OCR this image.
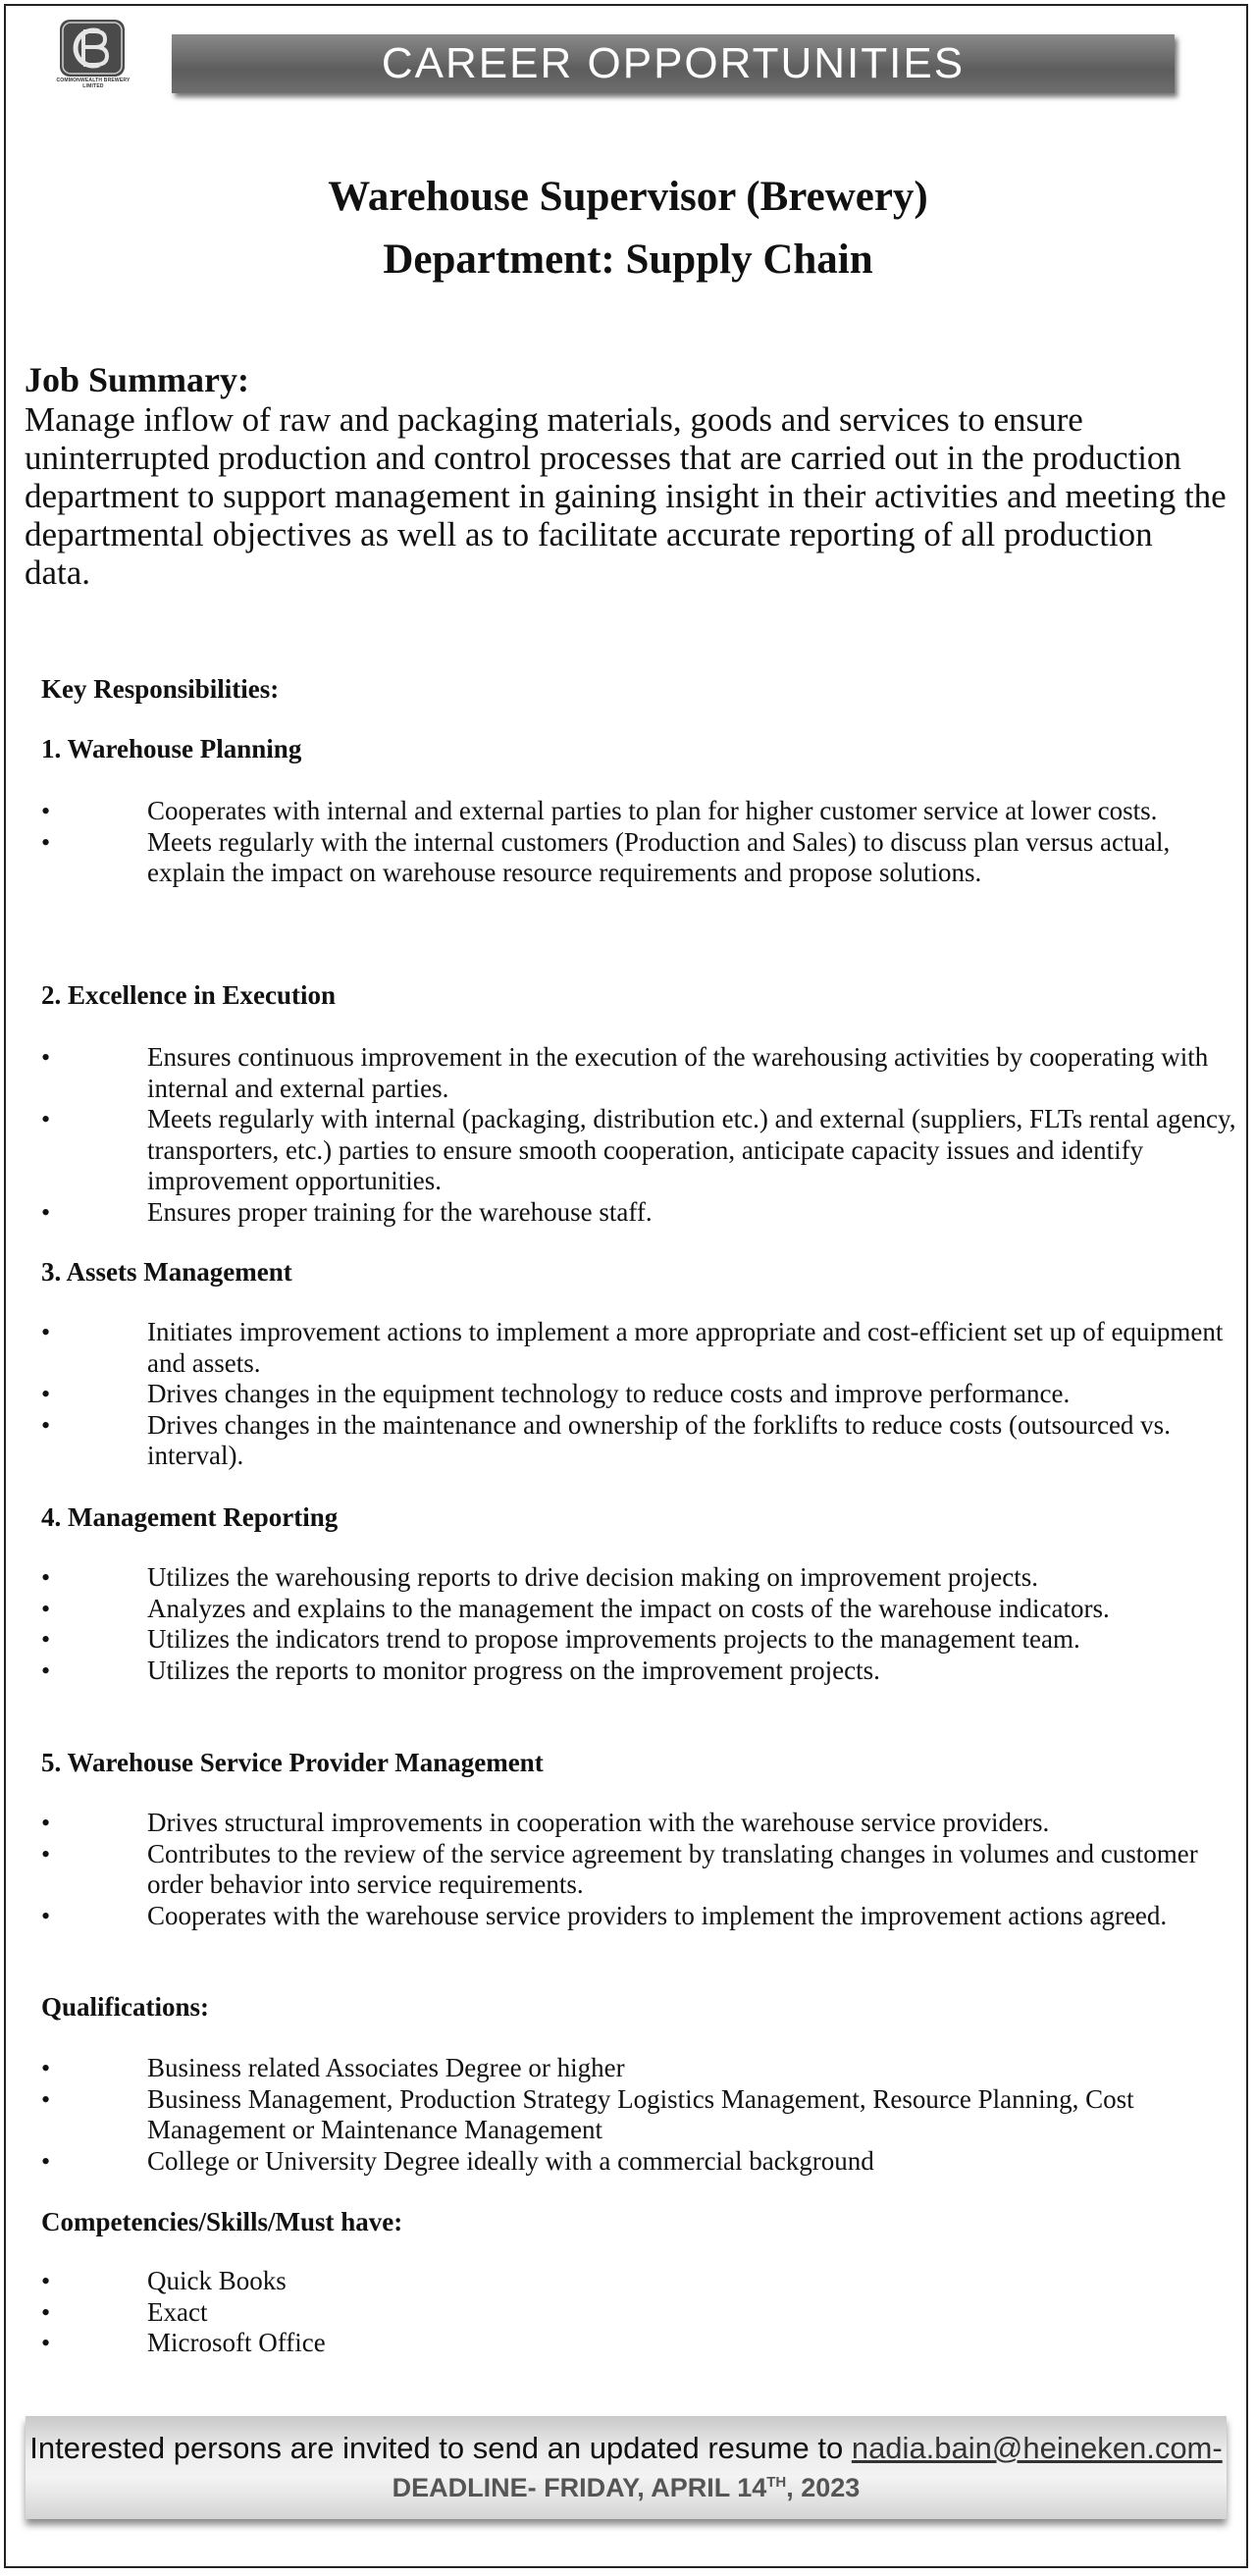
COMMONWEALTH BREWERY LIMITED	CAREER OPPORTUNITIES
Warehouse Supervisor (Brewery)
Department: Supply Chain
Job Summary:
Manage inflow of raw and packaging materials, goods and services to ensure uninterrupted production and control processes that are carried out in the production department to support management in gaining insight in their activities and meeting the departmental objectives as well as to facilitate accurate reporting of all production data.
Key Responsibilities:
1. Warehouse Planning
• Cooperates with internal and external parties to plan for higher customer service at lower costs.
• Meets regularly with the internal customers (Production and Sales) to discuss plan versus actual, explain the impact on warehouse resource requirements and propose solutions.
2. Excellence in Execution
• Ensures continuous improvement in the execution of the warehousing activities by cooperating with internal and external parties.
• Meets regularly with internal (packaging, distribution etc.) and external (suppliers, FLTs rental agency, transporters, etc.) parties to ensure smooth cooperation, anticipate capacity issues and identify improvement opportunities.
• Ensures proper training for the warehouse staff.
3. Assets Management
• Initiates improvement actions to implement a more appropriate and cost-efficient set up of equipment and assets.
• Drives changes in the equipment technology to reduce costs and improve performance.
• Drives changes in the maintenance and ownership of the forklifts to reduce costs (outsourced vs. interval).
4. Management Reporting
• Utilizes the warehousing reports to drive decision making on improvement projects.
• Analyzes and explains to the management the impact on costs of the warehouse indicators.
• Utilizes the indicators trend to propose improvements projects to the management team.
• Utilizes the reports to monitor progress on the improvement projects.
5. Warehouse Service Provider Management
• Drives structural improvements in cooperation with the warehouse service providers.
• Contributes to the review of the service agreement by translating changes in volumes and customer order behavior into service requirements.
• Cooperates with the warehouse service providers to implement the improvement actions agreed.
Qualifications:
• Business related Associates Degree or higher
• Business Management, Production Strategy Logistics Management, Resource Planning, Cost Management or Maintenance Management
• College or University Degree ideally with a commercial background
Competencies/Skills/Must have:
• Quick Books
• Exact
• Microsoft Office
Interested persons are invited to send an updated resume to nadia.bain@heineken.com-
DEADLINE- FRIDAY, APRIL 14TH, 2023
